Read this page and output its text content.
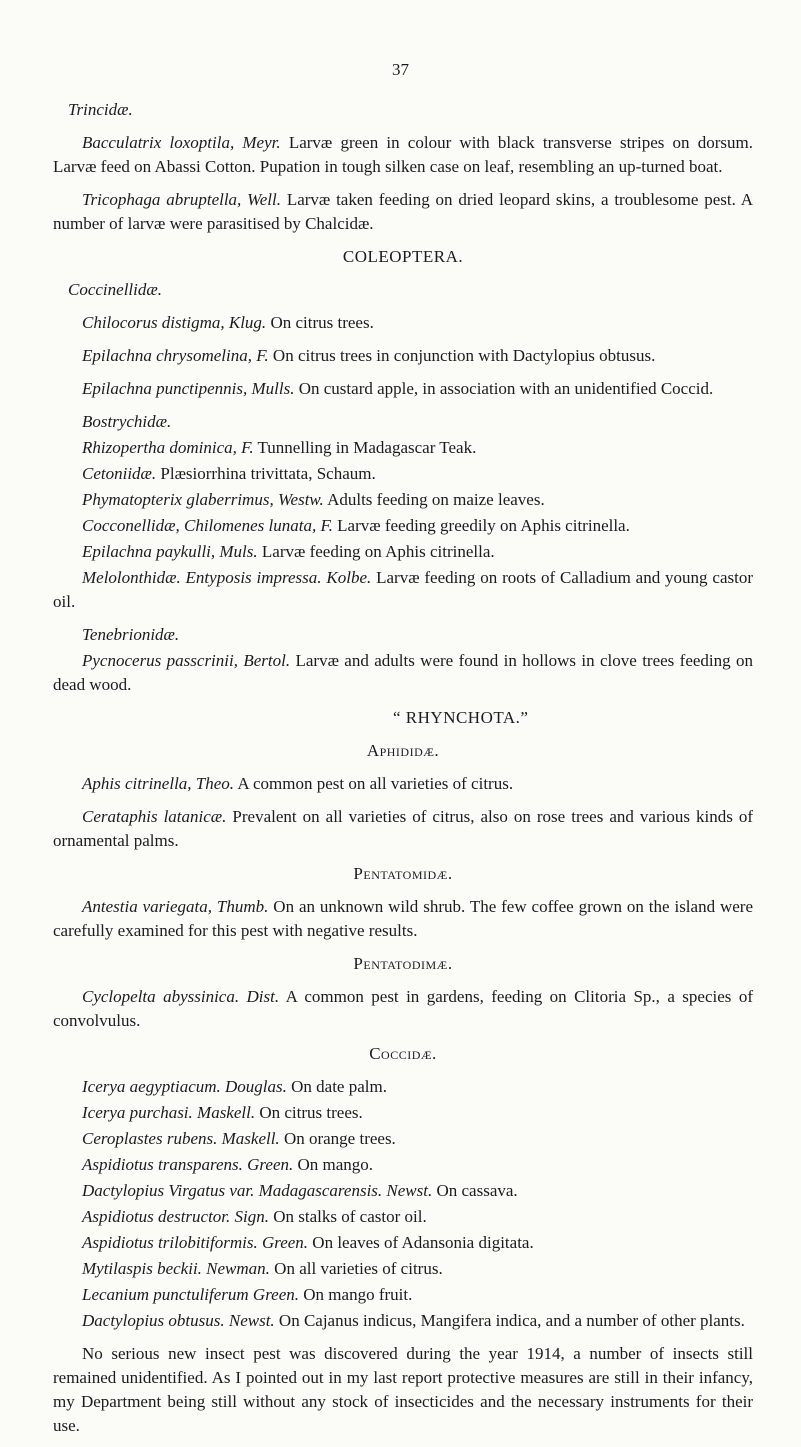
37
Trincidæ.
Bacculatrix loxoptila, Meyr. Larvæ green in colour with black transverse stripes on dorsum. Larvæ feed on Abassi Cotton. Pupation in tough silken case on leaf, resembling an up-turned boat.
Tricophaga abruptella, Well. Larvæ taken feeding on dried leopard skins, a troublesome pest. A number of larvæ were parasitised by Chalcidæ.
COLEOPTERA.
Coccinellidæ.
Chilocorus distigma, Klug. On citrus trees.
Epilachna chrysomelina, F. On citrus trees in conjunction with Dactylopius obtusus.
Epilachna punctipennis, Mulls. On custard apple, in association with an unidentified Coccid.
Bostrychidæ.
Rhizopertha dominica, F. Tunnelling in Madagascar Teak.
Cetoniidæ. Plæsiorrhina trivittata, Schaum.
Phymatopterix glaberrimus, Westw. Adults feeding on maize leaves.
Cocconellidæ, Chilomenes lunata, F. Larvæ feeding greedily on Aphis citrinella.
Epilachna paykulli, Muls. Larvæ feeding on Aphis citrinella.
Melolonthidæ. Entyposis impressa. Kolbe. Larvæ feeding on roots of Calladium and young castor oil.
Tenebrionidæ.
Pycnocerus passcrinii, Bertol. Larvæ and adults were found in hollows in clove trees feeding on dead wood.
“ RHYNCHOTA.”
Aphididæ.
Aphis citrinella, Theo. A common pest on all varieties of citrus.
Cerataphis latanicæ. Prevalent on all varieties of citrus, also on rose trees and various kinds of ornamental palms.
Pentatomidæ.
Antestia variegata, Thumb. On an unknown wild shrub. The few coffee grown on the island were carefully examined for this pest with negative results.
Pentatodimæ.
Cyclopelta abyssinica. Dist. A common pest in gardens, feeding on Clitoria Sp., a species of convolvulus.
Coccidæ.
Icerya aegyptiacum. Douglas. On date palm.
Icerya purchasi. Maskell. On citrus trees.
Ceroplastes rubens. Maskell. On orange trees.
Aspidiotus transparens. Green. On mango.
Dactylopius Virgatus var. Madagascarensis. Newst. On cassava.
Aspidiotus destructor. Sign. On stalks of castor oil.
Aspidiotus trilobitiformis. Green. On leaves of Adansonia digitata.
Mytilaspis beckii. Newman. On all varieties of citrus.
Lecanium punctuliferum Green. On mango fruit.
Dactylopius obtusus. Newst. On Cajanus indicus, Mangifera indica, and a number of other plants.
No serious new insect pest was discovered during the year 1914, a number of insects still remained unidentified. As I pointed out in my last report protective measures are still in their infancy, my Department being still without any stock of insecticides and the necessary instruments for their use.
